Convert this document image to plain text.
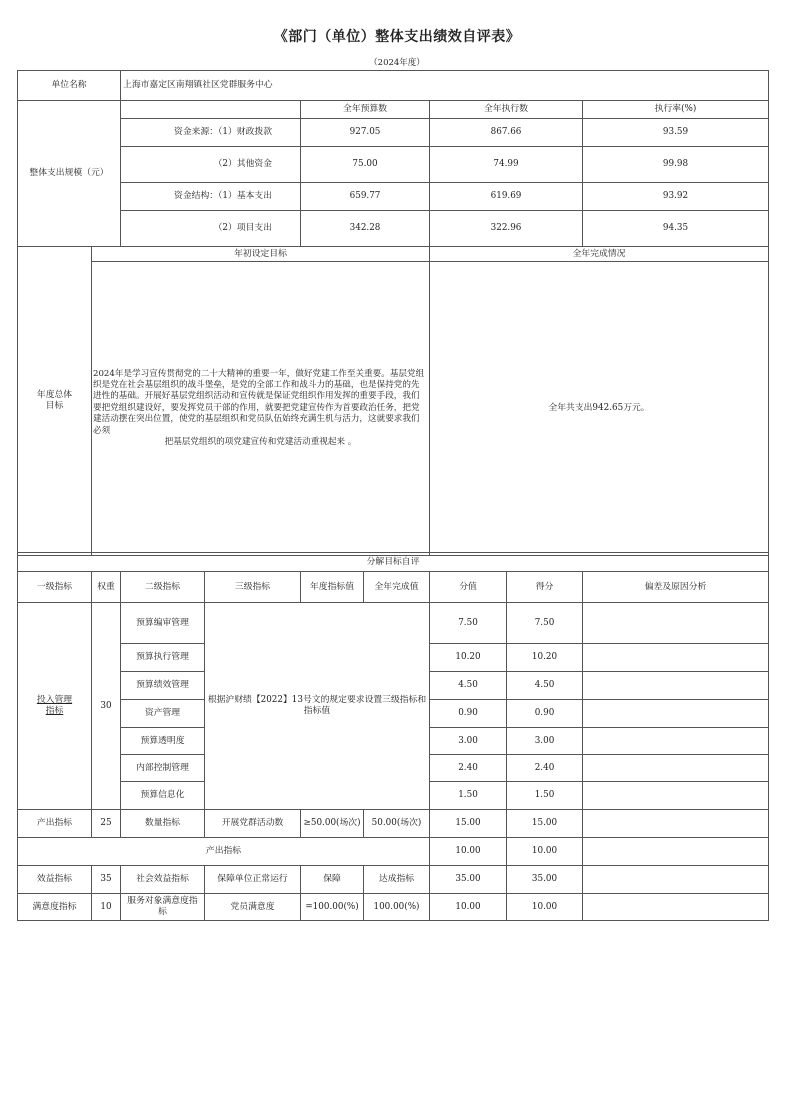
《部门（单位）整体支出绩效自评表》
（2024年度）
单位名称		上海市嘉定区南翔镇社区党群服务中心			
整体支出规模（元）			全年预算数	全年执行数	执行率(%)
		资金来源：（1）财政拨款	927.05	867.66	93.59
		（2）其他资金	75.00	74.99	99.98
		资金结构：（1）基本支出	659.77	619.69	93.92
		（2）项目支出	342.28	322.96	94.35
年度总体目标	年初设定目标			全年完成情况	
	2024年是学习宣传贯彻党的二十大精神的重要一年，做好党建工作至关重要。基层党组织是党在社会基层组织的战斗堡垒，是党的全部工作和战斗力的基础，也是保持党的先进性的基础。开展好基层党组织活动和宣传就是保证党组织作用发挥的重要手段，我们要把党组织建设好，要发挥党员干部的作用，就要把党建宣传作为首要政治任务，把党建活动摆在突出位置，使党的基层组织和党员队伍始终充满生机与活力，这就要求我们必须
把基层党组织的项党建宣传和党建活动重视起来 。			全年共支出942.65万元。	
分解目标自评								
一级指标	权重	二级指标	三级指标	年度指标值	全年完成值	分值	得分	偏差及原因分析
投入管理指标	30	预算编审管理	根据沪财绩【2022】13号文的规定要求设置三级指标和指标值			7.50	7.50	
		预算执行管理				10.20	10.20	
		预算绩效管理				4.50	4.50	
		资产管理				0.90	0.90	
		预算透明度				3.00	3.00	
		内部控制管理				2.40	2.40	
		预算信息化				1.50	1.50	
产出指标	25	数量指标	开展党群活动数	≥50.00(场次)	50.00(场次)	15.00	15.00	
产出指标						10.00	10.00	
效益指标	35	社会效益指标	保障单位正常运行	保障	达成指标	35.00	35.00	
满意度指标	10	服务对象满意度指标	党员满意度	=100.00(%)	100.00(%)	10.00	10.00	
